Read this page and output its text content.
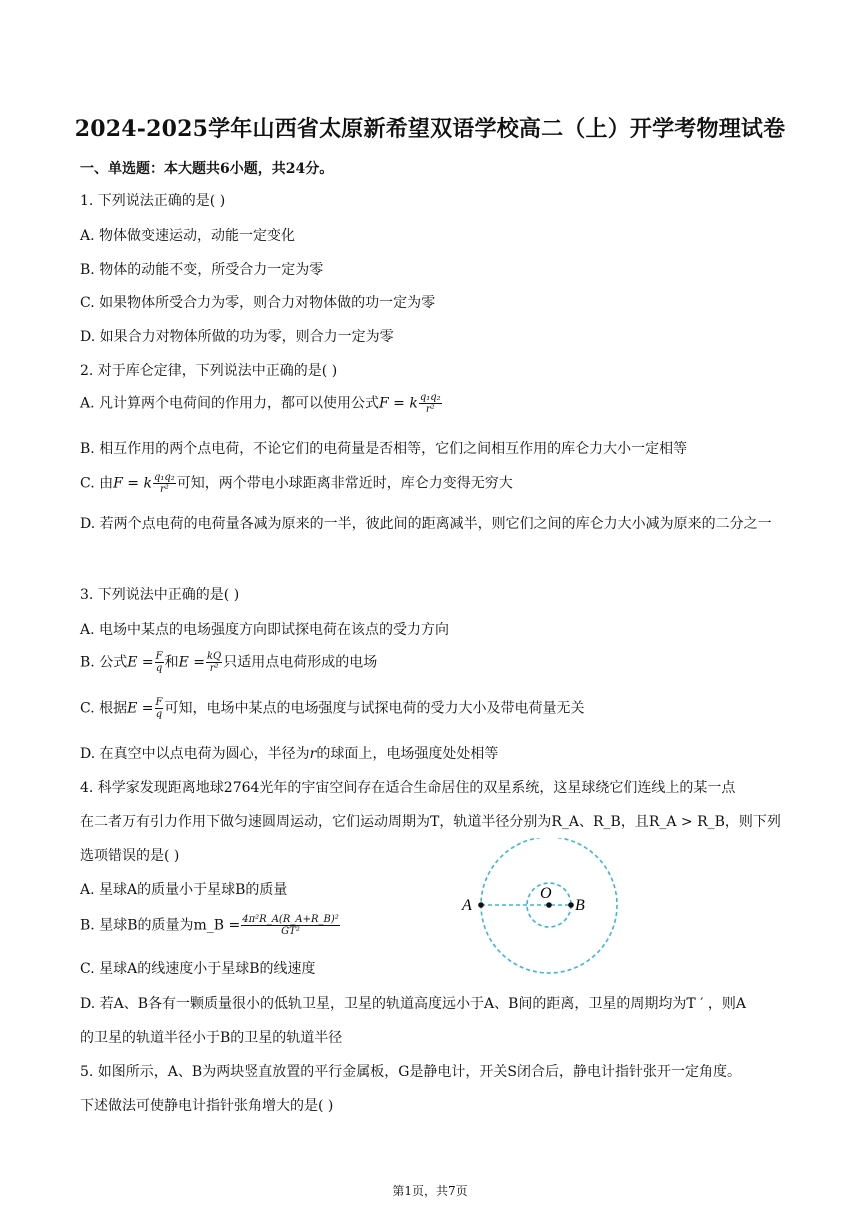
2024-2025学年山西省太原新希望双语学校高二（上）开学考物理试卷
一、单选题：本大题共6小题，共24分。
1. 下列说法正确的是( )
A. 物体做变速运动，动能一定变化
B. 物体的动能不变，所受合力一定为零
C. 如果物体所受合力为零，则合力对物体做的功一定为零
D. 如果合力对物体所做的功为零，则合力一定为零
2. 对于库仑定律，下列说法中正确的是( )
A. 凡计算两个电荷间的作用力，都可以使用公式F = k $\frac{\text{q₁q₂}}{\text{r²}}$
B. 相互作用的两个点电荷，不论它们的电荷量是否相等，它们之间相互作用的库仑力大小一定相等
C. 由F = k $\frac{\text{q₁q₂}}{\text{r²}}$ 可知，两个带电小球距离非常近时，库仑力变得无穷大
D. 若两个点电荷的电荷量各减为原来的一半，彼此间的距离减半，则它们之间的库仑力大小减为原来的二分之一
3. 下列说法中正确的是( )
A. 电场中某点的电场强度方向即试探电荷在该点的受力方向
B. 公式$E = \frac{F}{q}$ 和$E = \frac{kQ}{\text{r²}}$ 只适用点电荷形成的电场
C. 根据$E = \frac{F}{q}$ 可知，电场中某点的电场强度与试探电荷的受力大小及带电荷量无关
D. 在真空中以点电荷为圆心，半径为r的球面上，电场强度处处相等
4. 科学家发现距离地球2764光年的宇宙空间存在适合生命居住的双星系统，这星球绕它们连线上的某一点
在二者万有引力作用下做匀速圆周运动，它们运动周期为T，轨道半径分别为R_A、R_B，且R_A > R_B，则下列
选项错误的是( )
A. 星球A的质量小于星球B的质量
B. 星球B的质量为m_B = $\frac{\text{4π²R\_A(R\_A+R\_B)²}}{\text{GT²}}$
C. 星球A的线速度小于星球B的线速度
D. 若A、B各有一颗质量很小的低轨卫星，卫星的轨道高度远小于A、B间的距离，卫星的周期均为T ′ ，则A
的卫星的轨道半径小于B的卫星的轨道半径
5. 如图所示，A、B为两块竖直放置的平行金属板，G是静电计，开关S闭合后，静电计指针张开一定角度。
下述做法可使静电计指针张角增大的是( )
A
O
B
第1页，共7页
